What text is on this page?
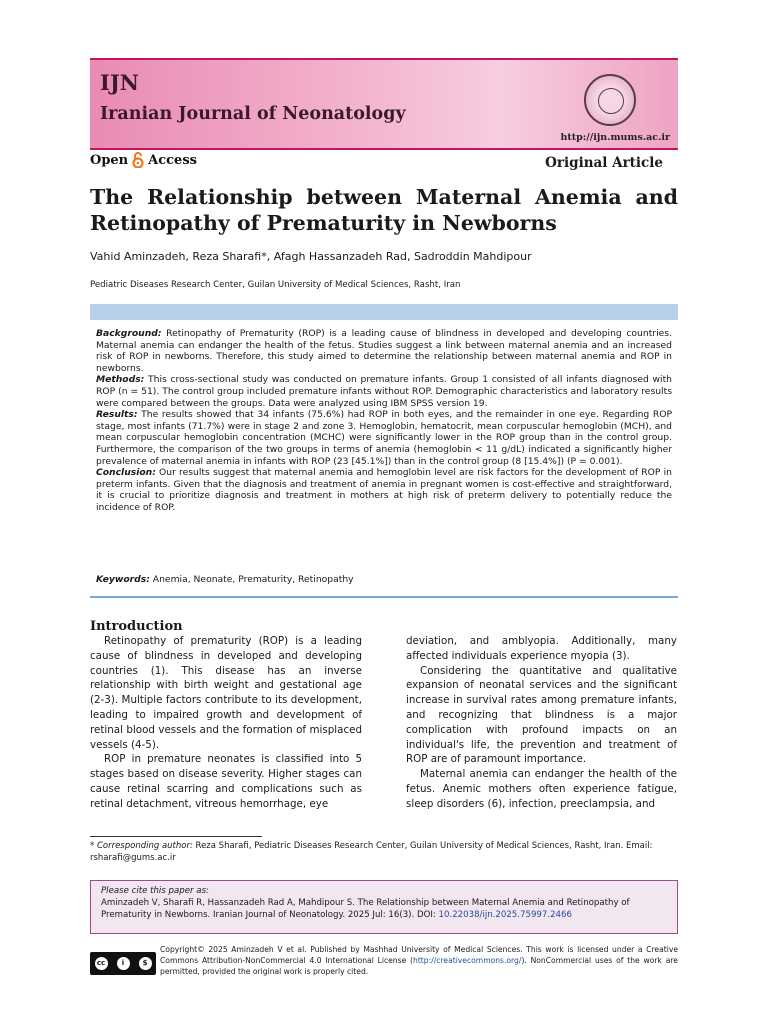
IJN
Iranian Journal of Neonatology
http://ijn.mums.ac.ir
Open Access	Original Article
The Relationship between Maternal Anemia and Retinopathy of Prematurity in Newborns
Vahid Aminzadeh, Reza Sharafi*, Afagh Hassanzadeh Rad, Sadroddin Mahdipour
Pediatric Diseases Research Center, Guilan University of Medical Sciences, Rasht, Iran

Background: Retinopathy of Prematurity (ROP) is a leading cause of blindness in developed and developing countries. Maternal anemia can endanger the health of the fetus. Studies suggest a link between maternal anemia and an increased risk of ROP in newborns. Therefore, this study aimed to determine the relationship between maternal anemia and ROP in newborns.

Methods: This cross-sectional study was conducted on premature infants. Group 1 consisted of all infants diagnosed with ROP (n = 51). The control group included premature infants without ROP. Demographic characteristics and laboratory results were compared between the groups. Data were analyzed using IBM SPSS version 19.

Results: The results showed that 34 infants (75.6%) had ROP in both eyes, and the remainder in one eye. Regarding ROP stage, most infants (71.7%) were in stage 2 and zone 3. Hemoglobin, hematocrit, mean corpuscular hemoglobin (MCH), and mean corpuscular hemoglobin concentration (MCHC) were significantly lower in the ROP group than in the control group. Furthermore, the comparison of the two groups in terms of anemia (hemoglobin < 11 g/dL) indicated a significantly higher prevalence of maternal anemia in infants with ROP (23 [45.1%]) than in the control group (8 [15.4%]) (P = 0.001).

Conclusion: Our results suggest that maternal anemia and hemoglobin level are risk factors for the development of ROP in preterm infants. Given that the diagnosis and treatment of anemia in pregnant women is cost-effective and straightforward, it is crucial to prioritize diagnosis and treatment in mothers at high risk of preterm delivery to potentially reduce the incidence of ROP.

Keywords: Anemia, Neonate, Prematurity, Retinopathy
Introduction

Retinopathy of prematurity (ROP) is a leading cause of blindness in developed and developing countries (1). This disease has an inverse relationship with birth weight and gestational age (2-3). Multiple factors contribute to its development, leading to impaired growth and development of retinal blood vessels and the formation of misplaced vessels (4-5).

ROP in premature neonates is classified into 5 stages based on disease severity. Higher stages can cause retinal scarring and complications such as retinal detachment, vitreous hemorrhage, eye

deviation, and amblyopia. Additionally, many affected individuals experience myopia (3).

Considering the quantitative and qualitative expansion of neonatal services and the significant increase in survival rates among premature infants, and recognizing that blindness is a major complication with profound impacts on an individual's life, the prevention and treatment of ROP are of paramount importance.

Maternal anemia can endanger the health of the fetus. Anemic mothers often experience fatigue, sleep disorders (6), infection, preeclampsia, and

* Corresponding author: Reza Sharafi, Pediatric Diseases Research Center, Guilan University of Medical Sciences, Rasht, Iran. Email: rsharafi@gums.ac.ir
Please cite this paper as:
Aminzadeh V, Sharafi R, Hassanzadeh Rad A, Mahdipour S. The Relationship between Maternal Anemia and Retinopathy of Prematurity in Newborns. Iranian Journal of Neonatology. 2025 Jul: 16(3). DOI: 10.22038/ijn.2025.75997.2466
cc	i	$
Copyright© 2025 Aminzadeh V et al. Published by Mashhad University of Medical Sciences. This work is licensed under a Creative Commons Attribution-NonCommercial 4.0 International License (http://creativecommons.org/). NonCommercial uses of the work are permitted, provided the original work is properly cited.
